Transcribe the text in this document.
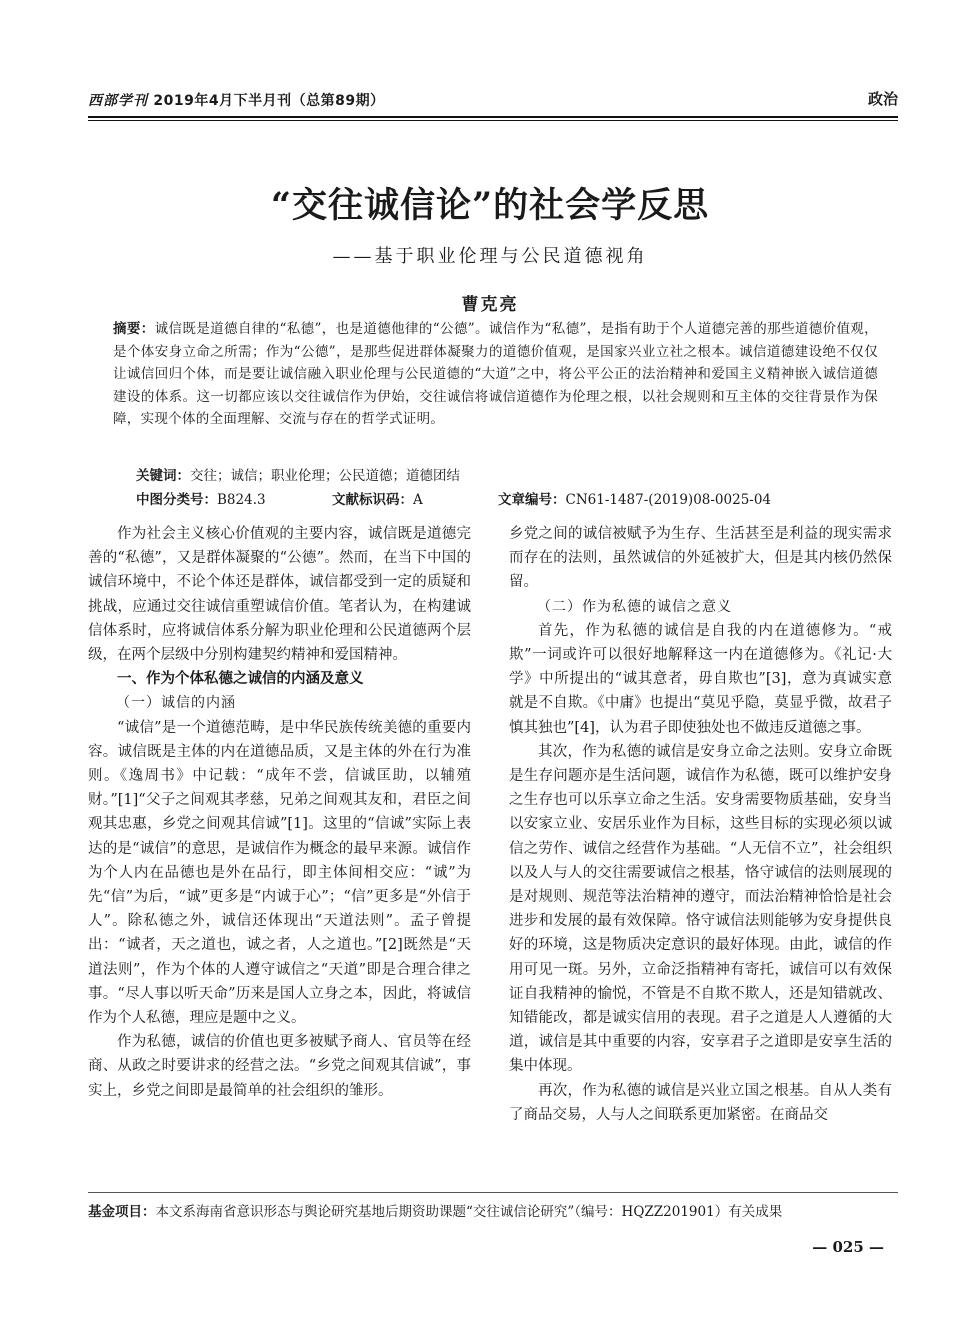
西部学刊 2019年4月下半月刊（总第89期）	政治
“交往诚信论”的社会学反思
——基于职业伦理与公民道德视角
曹克亮
摘要：诚信既是道德自律的“私德”，也是道德他律的“公德”。诚信作为“私德”，是指有助于个人道德完善的那些道德价值观，是个体安身立命之所需；作为“公德”，是那些促进群体凝聚力的道德价值观，是国家兴业立社之根本。诚信道德建设绝不仅仅让诚信回归个体，而是要让诚信融入职业伦理与公民道德的“大道”之中，将公平公正的法治精神和爱国主义精神嵌入诚信道德建设的体系。这一切都应该以交往诚信作为伊始，交往诚信将诚信道德作为伦理之根，以社会规则和互主体的交往背景作为保障，实现个体的全面理解、交流与存在的哲学式证明。
关键词：交往；诚信；职业伦理；公民道德；道德团结
中图分类号：B824.3	文献标识码：A	文章编号：CN61-1487-(2019)08-0025-04

作为社会主义核心价值观的主要内容，诚信既是道德完善的“私德”，又是群体凝聚的“公德”。然而，在当下中国的诚信环境中，不论个体还是群体，诚信都受到一定的质疑和挑战，应通过交往诚信重塑诚信价值。笔者认为，在构建诚信体系时，应将诚信体系分解为职业伦理和公民道德两个层级，在两个层级中分别构建契约精神和爱国精神。

一、作为个体私德之诚信的内涵及意义
（一）诚信的内涵

“诚信”是一个道德范畴，是中华民族传统美德的重要内容。诚信既是主体的内在道德品质，又是主体的外在行为准则。《逸周书》中记载：“成年不尝，信诚匡助，以辅殖财。”[1]“父子之间观其孝慈，兄弟之间观其友和，君臣之间观其忠惠，乡党之间观其信诚”[1]。这里的“信诚”实际上表达的是“诚信”的意思，是诚信作为概念的最早来源。诚信作为个人内在品德也是外在品行，即主体间相交应：“诚”为先“信”为后，“诚”更多是“内诚于心”；“信”更多是“外信于人”。除私德之外，诚信还体现出“天道法则”。孟子曾提出：“诚者，天之道也，诚之者，人之道也。”[2]既然是“天道法则”，作为个体的人遵守诚信之“天道”即是合理合律之事。“尽人事以听天命”历来是国人立身之本，因此，将诚信作为个人私德，理应是题中之义。

作为私德，诚信的价值也更多被赋予商人、官员等在经商、从政之时要讲求的经营之法。“乡党之间观其信诚”，事实上，乡党之间即是最简单的社会组织的雏形。

乡党之间的诚信被赋予为生存、生活甚至是利益的现实需求而存在的法则，虽然诚信的外延被扩大，但是其内核仍然保留。

（二）作为私德的诚信之意义

首先，作为私德的诚信是自我的内在道德修为。“戒欺”一词或许可以很好地解释这一内在道德修为。《礼记·大学》中所提出的“诚其意者，毋自欺也”[3]，意为真诚实意就是不自欺。《中庸》也提出“莫见乎隐，莫显乎微，故君子慎其独也”[4]，认为君子即使独处也不做违反道德之事。

其次，作为私德的诚信是安身立命之法则。安身立命既是生存问题亦是生活问题，诚信作为私德，既可以维护安身之生存也可以乐享立命之生活。安身需要物质基础，安身当以安家立业、安居乐业作为目标，这些目标的实现必须以诚信之劳作、诚信之经营作为基础。“人无信不立”，社会组织以及人与人的交往需要诚信之根基，恪守诚信的法则展现的是对规则、规范等法治精神的遵守，而法治精神恰恰是社会进步和发展的最有效保障。恪守诚信法则能够为安身提供良好的环境，这是物质决定意识的最好体现。由此，诚信的作用可见一斑。另外，立命泛指精神有寄托，诚信可以有效保证自我精神的愉悦，不管是不自欺不欺人，还是知错就改、知错能改，都是诚实信用的表现。君子之道是人人遵循的大道，诚信是其中重要的内容，安享君子之道即是安享生活的集中体现。

再次，作为私德的诚信是兴业立国之根基。自从人类有了商品交易，人与人之间联系更加紧密。在商品交

基金项目：本文系海南省意识形态与舆论研究基地后期资助课题“交往诚信论研究”（编号：HQZZ201901）有关成果
— 025 —
